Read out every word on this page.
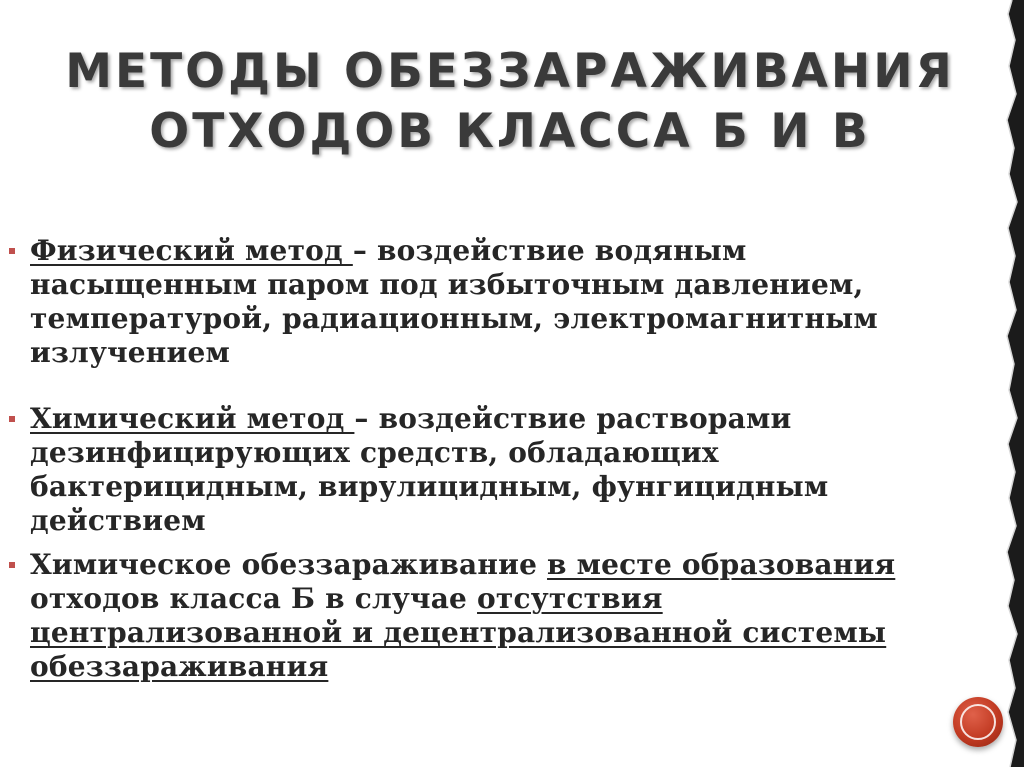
МЕТОДЫ ОБЕЗЗАРАЖИВАНИЯ
ОТХОДОВ КЛАССА Б И В
Физический метод – воздействие водяным насыщенным паром под избыточным давлением, температурой, радиационным, электромагнитным излучением
Химический метод – воздействие растворами дезинфицирующих средств, обладающих бактерицидным, вирулицидным, фунгицидным действием
Химическое обеззараживание в месте образования отходов класса Б в случае отсутствия централизованной и децентрализованной системы обеззараживания
